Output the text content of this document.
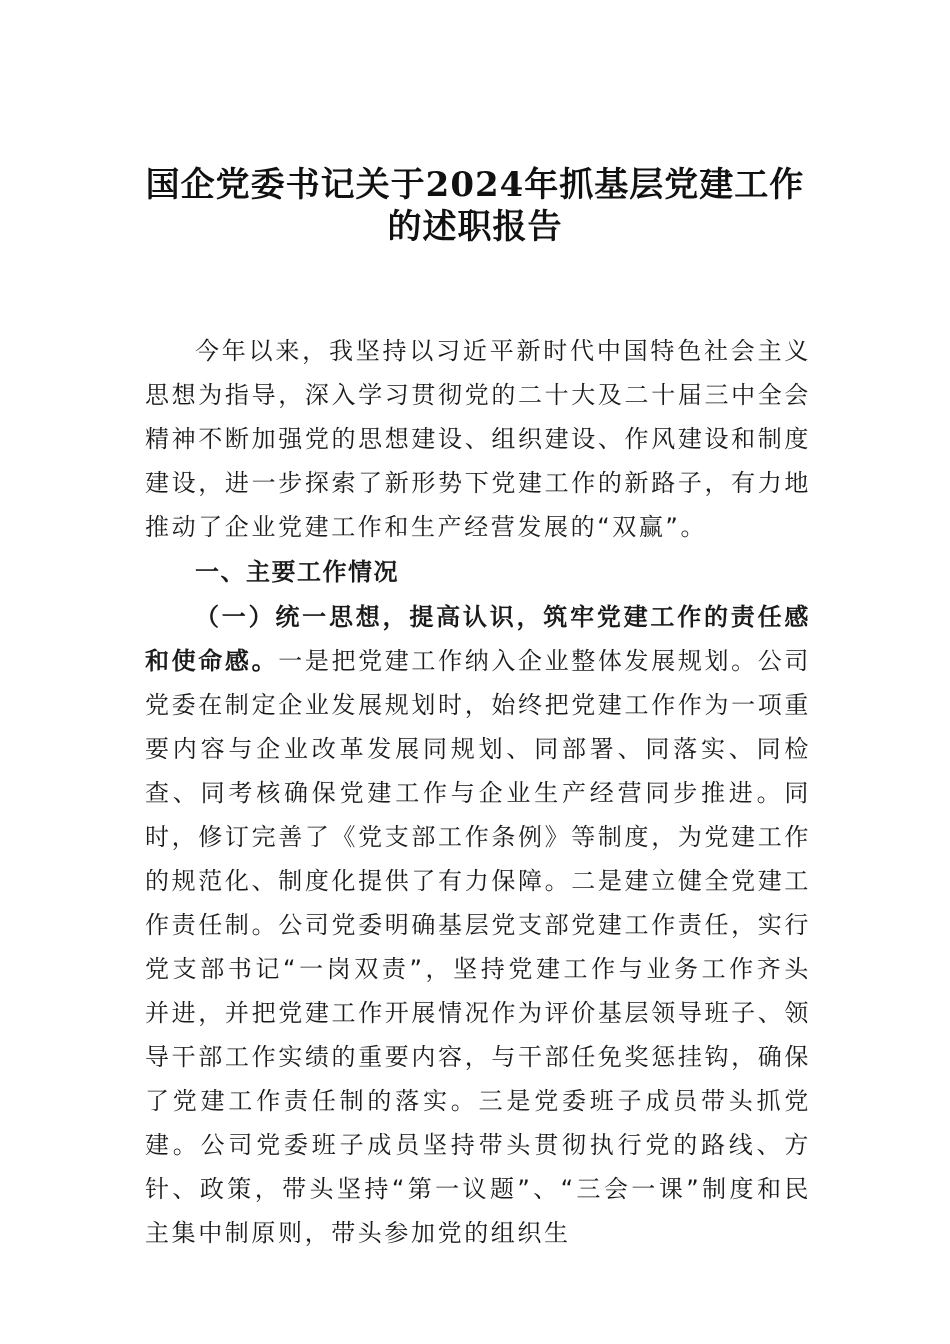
国企党委书记关于2024年抓基层党建工作
的述职报告

今年以来，我坚持以习近平新时代中国特色社会主义思想为指导，深入学习贯彻党的二十大及二十届三中全会精神不断加强党的思想建设、组织建设、作风建设和制度建设，进一步探索了新形势下党建工作的新路子，有力地推动了企业党建工作和生产经营发展的“双赢”。

一、主要工作情况

（一）统一思想，提高认识，筑牢党建工作的责任感和使命感。一是把党建工作纳入企业整体发展规划。公司党委在制定企业发展规划时，始终把党建工作作为一项重要内容与企业改革发展同规划、同部署、同落实、同检查、同考核确保党建工作与企业生产经营同步推进。同时，修订完善了《党支部工作条例》等制度，为党建工作的规范化、制度化提供了有力保障。二是建立健全党建工作责任制。公司党委明确基层党支部党建工作责任，实行党支部书记“一岗双责”，坚持党建工作与业务工作齐头并进，并把党建工作开展情况作为评价基层领导班子、领导干部工作实绩的重要内容，与干部任免奖惩挂钩，确保了党建工作责任制的落实。三是党委班子成员带头抓党建。公司党委班子成员坚持带头贯彻执行党的路线、方针、政策，带头坚持“第一议题”、“三会一课”制度和民主集中制原则，带头参加党的组织生
